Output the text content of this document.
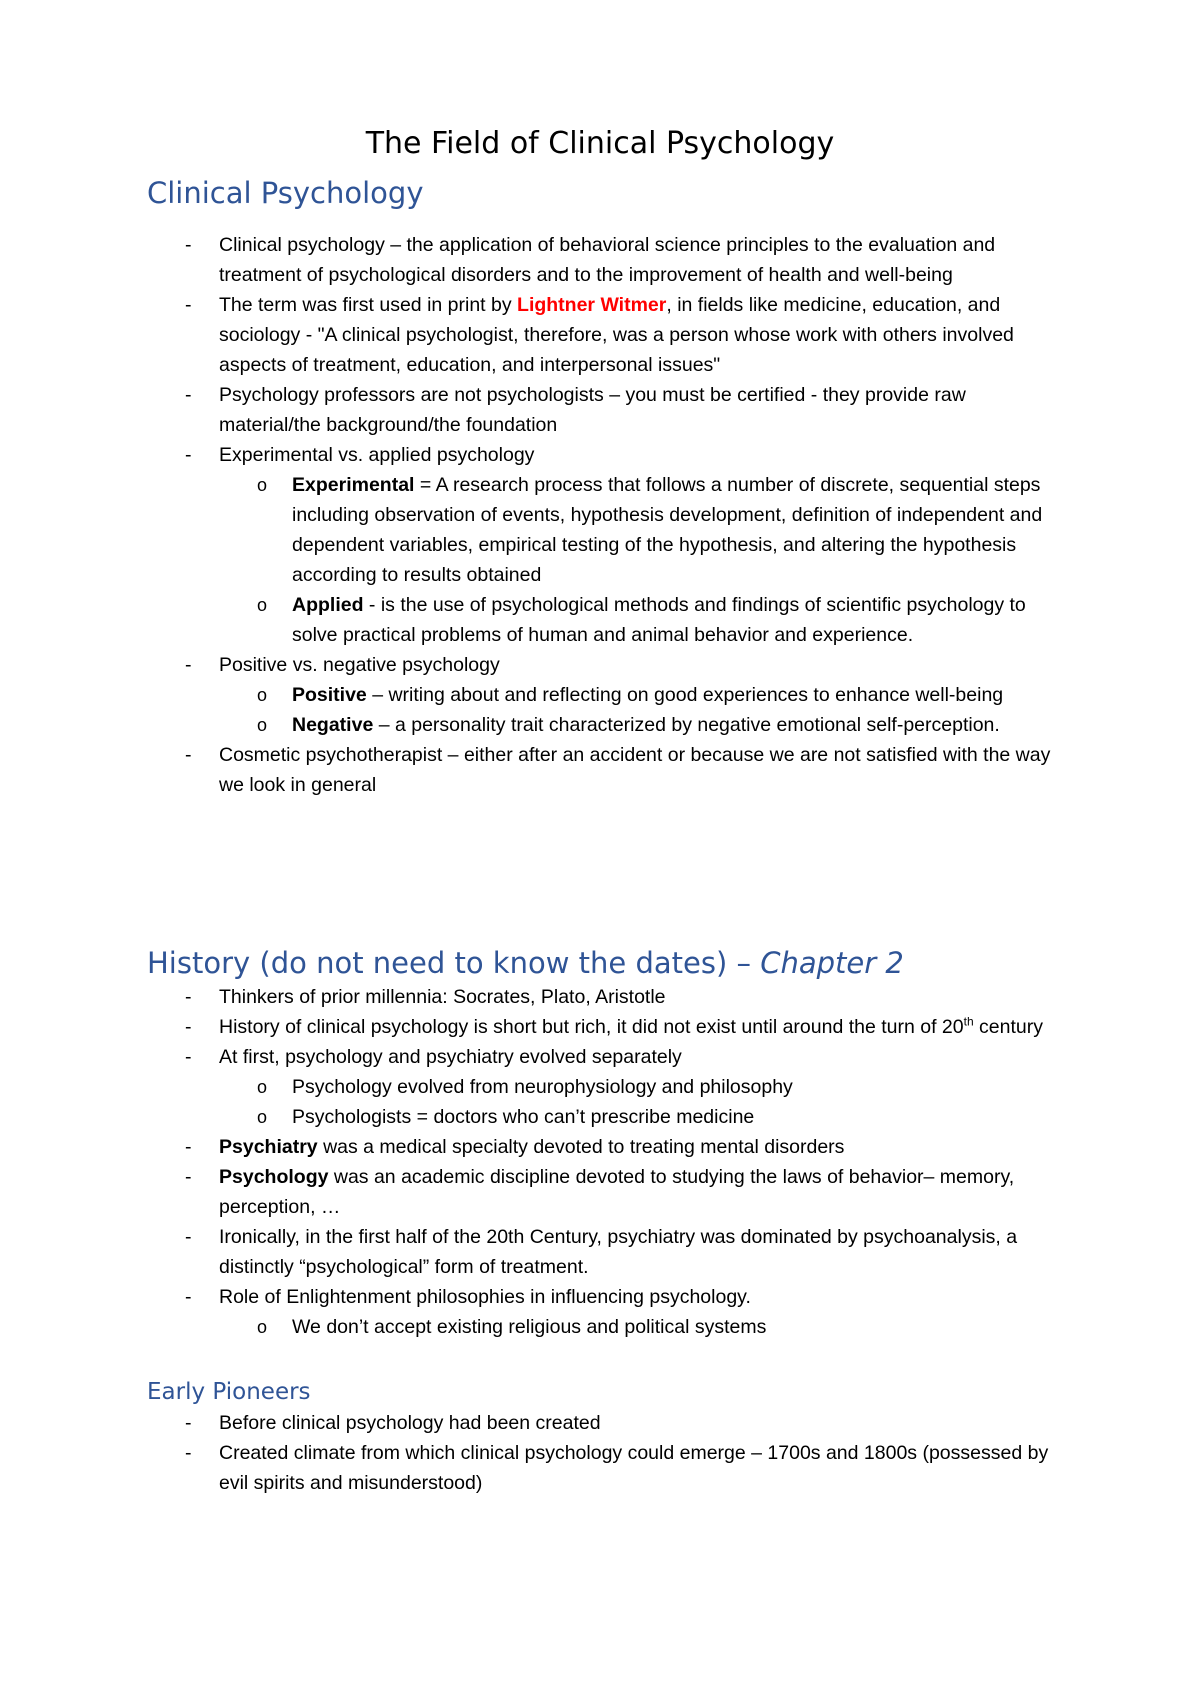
The Field of Clinical Psychology
Clinical Psychology
- Clinical psychology – the application of behavioral science principles to the evaluation and treatment of psychological disorders and to the improvement of health and well-being
- The term was first used in print by Lightner Witmer, in fields like medicine, education, and sociology - "A clinical psychologist, therefore, was a person whose work with others involved aspects of treatment, education, and interpersonal issues"
- Psychology professors are not psychologists – you must be certified - they provide raw material/the background/the foundation
- Experimental vs. applied psychology
o Experimental = A research process that follows a number of discrete, sequential steps including observation of events, hypothesis development, definition of independent and dependent variables, empirical testing of the hypothesis, and altering the hypothesis according to results obtained
o Applied - is the use of psychological methods and findings of scientific psychology to solve practical problems of human and animal behavior and experience.
- Positive vs. negative psychology
o Positive – writing about and reflecting on good experiences to enhance well-being
o Negative – a personality trait characterized by negative emotional self-perception.
- Cosmetic psychotherapist – either after an accident or because we are not satisfied with the way we look in general
History (do not need to know the dates) – Chapter 2
- Thinkers of prior millennia: Socrates, Plato, Aristotle
- History of clinical psychology is short but rich, it did not exist until around the turn of 20th century
- At first, psychology and psychiatry evolved separately
o Psychology evolved from neurophysiology and philosophy
o Psychologists = doctors who can’t prescribe medicine
- Psychiatry was a medical specialty devoted to treating mental disorders
- Psychology was an academic discipline devoted to studying the laws of behavior– memory, perception, …
- Ironically, in the first half of the 20th Century, psychiatry was dominated by psychoanalysis, a distinctly “psychological” form of treatment.
- Role of Enlightenment philosophies in influencing psychology.
o We don’t accept existing religious and political systems
Early Pioneers
- Before clinical psychology had been created
- Created climate from which clinical psychology could emerge – 1700s and 1800s (possessed by evil spirits and misunderstood)
